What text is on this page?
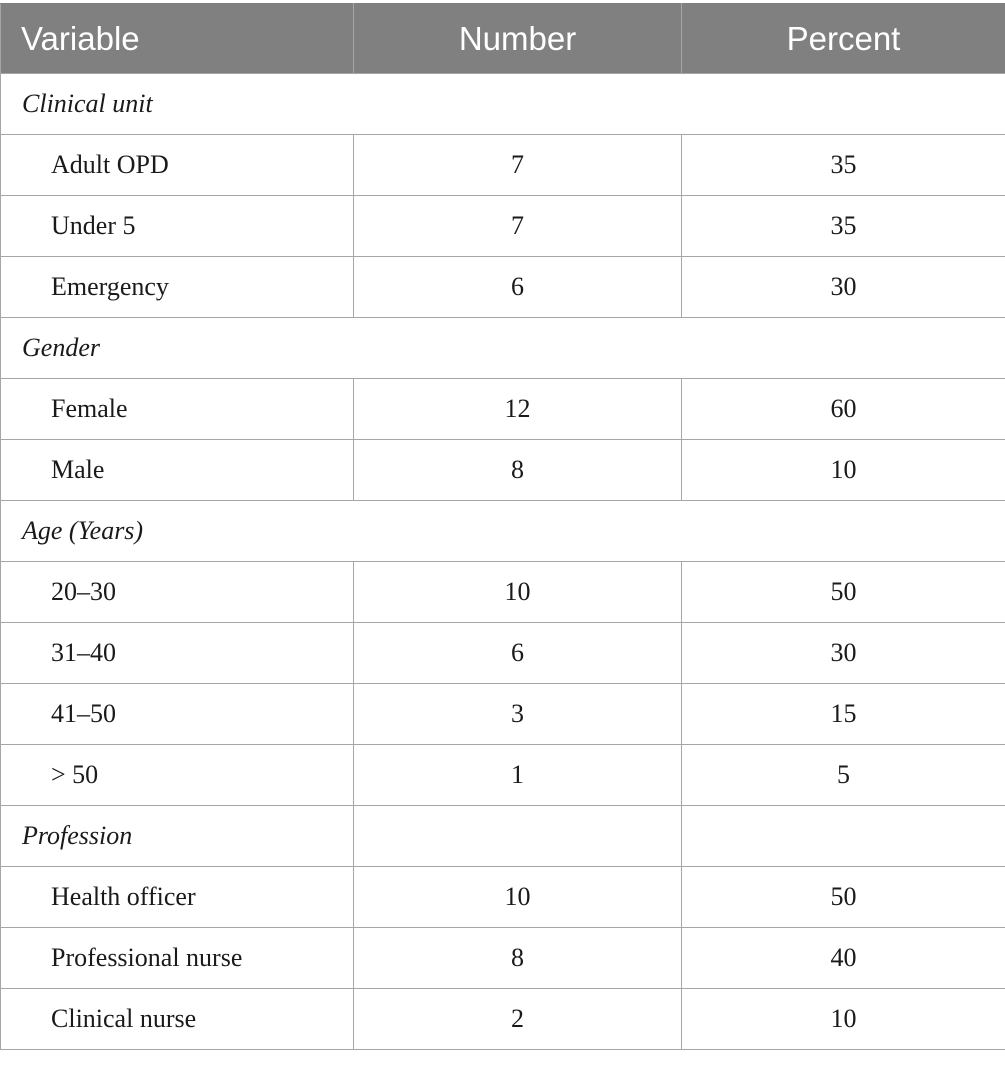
Variable	Number	Percent
Clinical unit		
Adult OPD	7	35
Under 5	7	35
Emergency	6	30
Gender		
Female	12	60
Male	8	10
Age (Years)		
20–30	10	50
31–40	6	30
41–50	3	15
> 50	1	5
Profession		
Health officer	10	50
Professional nurse	8	40
Clinical nurse	2	10
